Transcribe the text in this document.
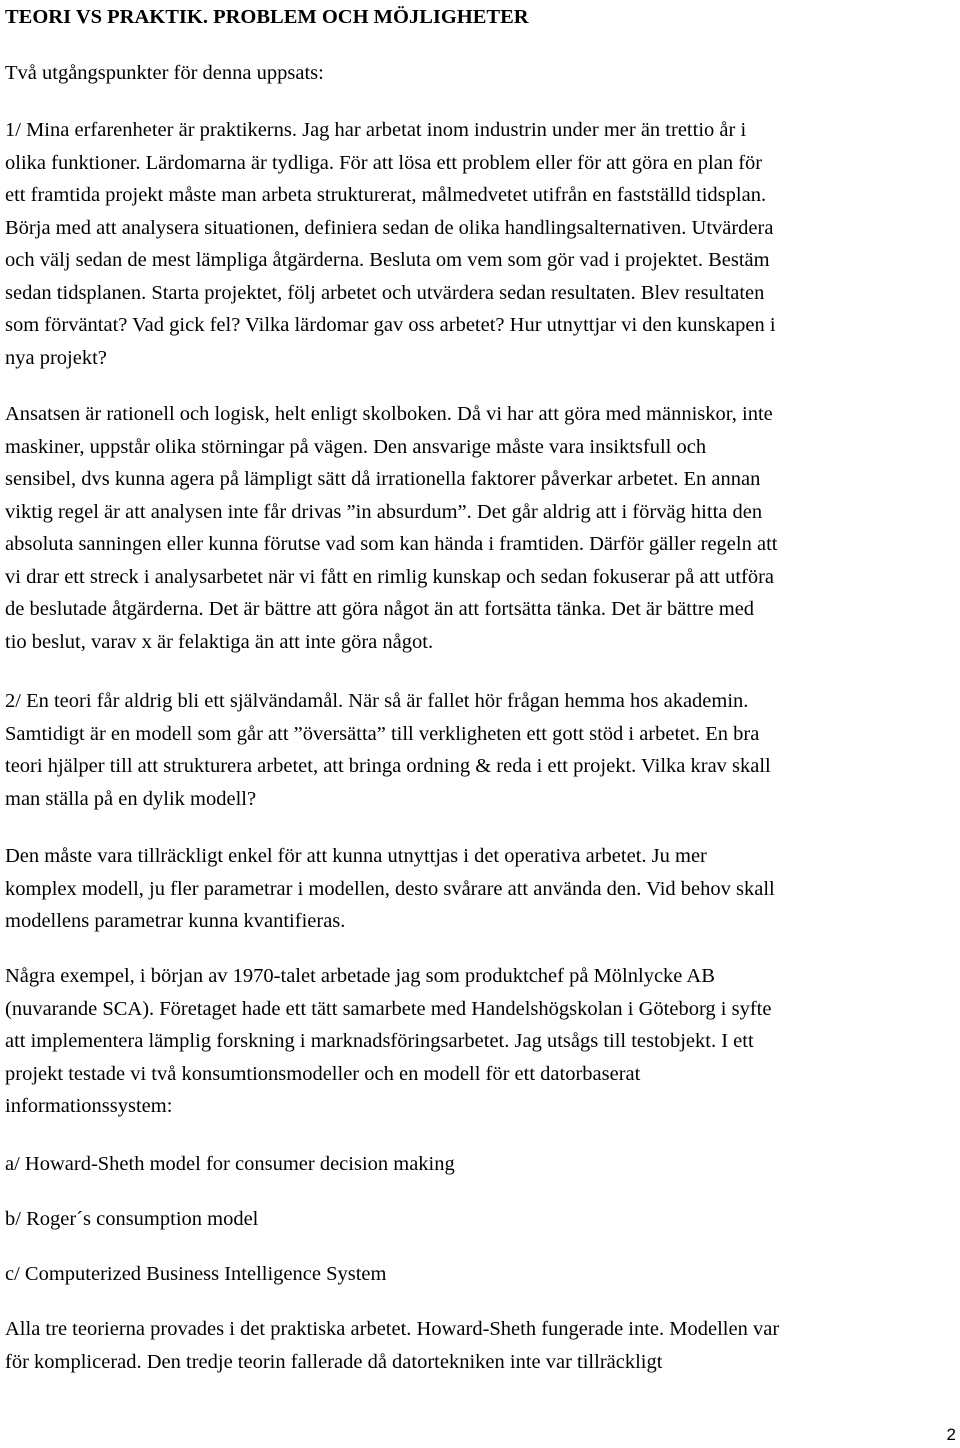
TEORI VS PRAKTIK. PROBLEM OCH MÖJLIGHETER
Två utgångspunkter för denna uppsats:
1/ Mina erfarenheter är praktikerns. Jag har arbetat inom industrin under mer än trettio år i
olika funktioner. Lärdomarna är tydliga. För att lösa ett problem eller för att göra en plan för
ett framtida projekt måste man arbeta strukturerat, målmedvetet utifrån en fastställd tidsplan.
Börja med att analysera situationen, definiera sedan de olika handlingsalternativen. Utvärdera
och välj sedan de mest lämpliga åtgärderna. Besluta om vem som gör vad i projektet. Bestäm
sedan tidsplanen. Starta projektet, följ arbetet och utvärdera sedan resultaten. Blev resultaten
som förväntat? Vad gick fel? Vilka lärdomar gav oss arbetet? Hur utnyttjar vi den kunskapen i
nya projekt?
Ansatsen är rationell och logisk, helt enligt skolboken. Då vi har att göra med människor, inte
maskiner, uppstår olika störningar på vägen. Den ansvarige måste vara insiktsfull och
sensibel, dvs kunna agera på lämpligt sätt då irrationella faktorer påverkar arbetet. En annan
viktig regel är att analysen inte får drivas ”in absurdum”. Det går aldrig att i förväg hitta den
absoluta sanningen eller kunna förutse vad som kan hända i framtiden. Därför gäller regeln att
vi drar ett streck i analysarbetet när vi fått en rimlig kunskap och sedan fokuserar på att utföra
de beslutade åtgärderna. Det är bättre att göra något än att fortsätta tänka. Det är bättre med
tio beslut, varav x är felaktiga än att inte göra något.
2/ En teori får aldrig bli ett självändamål. När så är fallet hör frågan hemma hos akademin.
Samtidigt är en modell som går att ”översätta” till verkligheten ett gott stöd i arbetet. En bra
teori hjälper till att strukturera arbetet, att bringa ordning & reda i ett projekt. Vilka krav skall
man ställa på en dylik modell?
Den måste vara tillräckligt enkel för att kunna utnyttjas i det operativa arbetet. Ju mer
komplex modell, ju fler parametrar i modellen, desto svårare att använda den. Vid behov skall
modellens parametrar kunna kvantifieras.
Några exempel, i början av 1970-talet arbetade jag som produktchef på Mölnlycke AB
(nuvarande SCA). Företaget hade ett tätt samarbete med Handelshögskolan i Göteborg i syfte
att implementera lämplig forskning i marknadsföringsarbetet. Jag utsågs till testobjekt. I ett
projekt testade vi två konsumtionsmodeller och en modell för ett datorbaserat
informationssystem:
a/ Howard-Sheth model for consumer decision making
b/ Roger´s consumption model
c/ Computerized Business Intelligence System
Alla tre teorierna provades i det praktiska arbetet. Howard-Sheth fungerade inte. Modellen var
för komplicerad. Den tredje teorin fallerade då datortekniken inte var tillräckligt
2
